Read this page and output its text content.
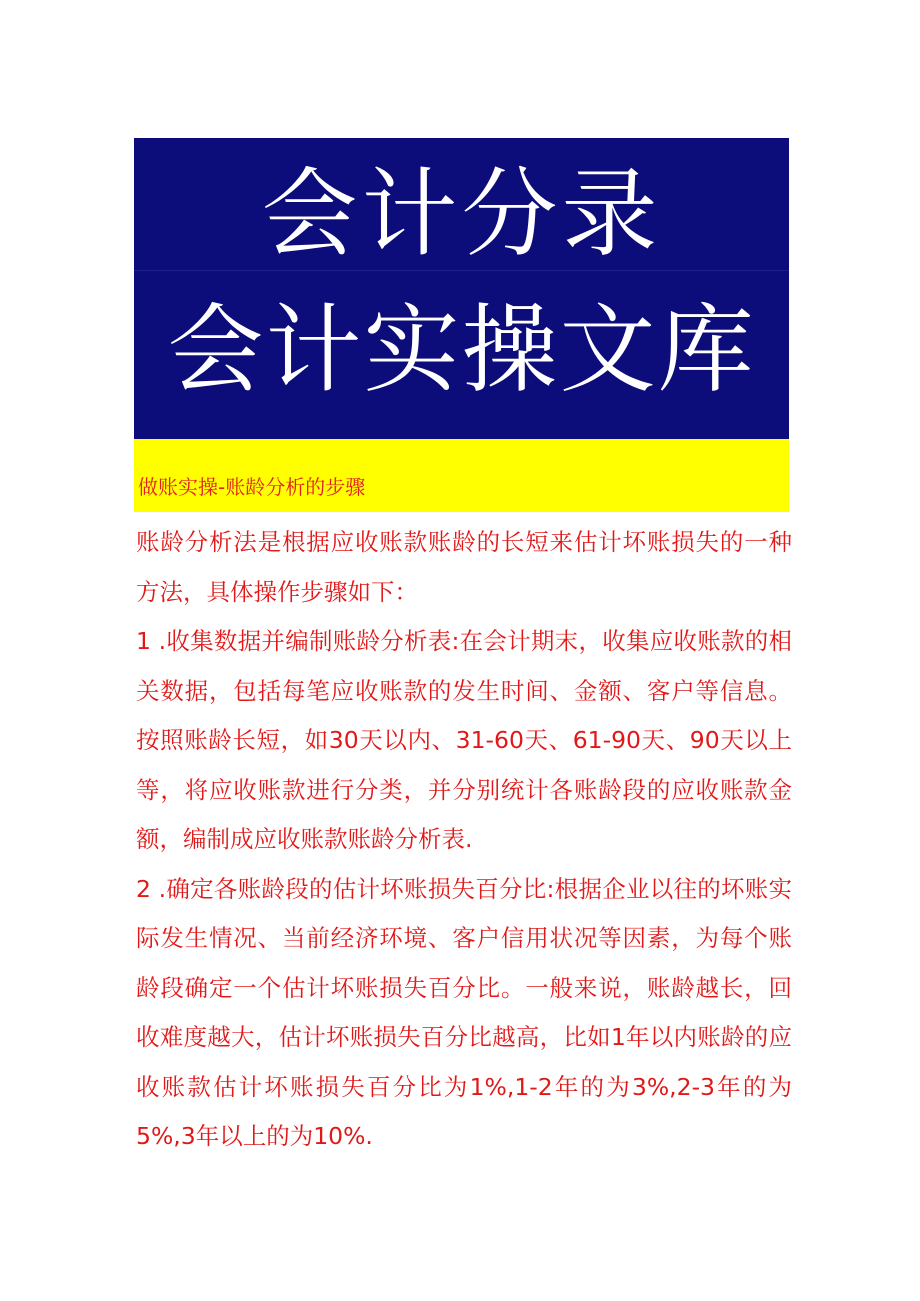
会计分录
会计实操文库
做账实操-账龄分析的步骤

账龄分析法是根据应收账款账龄的长短来估计坏账损失的一种方法，具体操作步骤如下：

1 .收集数据并编制账龄分析表:在会计期末，收集应收账款的相关数据，包括每笔应收账款的发生时间、金额、客户等信息。按照账龄长短，如30天以内、31-60天、61-90天、90天以上等，将应收账款进行分类，并分别统计各账龄段的应收账款金额，编制成应收账款账龄分析表.

2 .确定各账龄段的估计坏账损失百分比:根据企业以往的坏账实际发生情况、当前经济环境、客户信用状况等因素，为每个账龄段确定一个估计坏账损失百分比。一般来说，账龄越长，回收难度越大，估计坏账损失百分比越高，比如1年以内账龄的应收账款估计坏账损失百分比为1%,1-2年的为3%,2-3年的为5%,3年以上的为10%.
